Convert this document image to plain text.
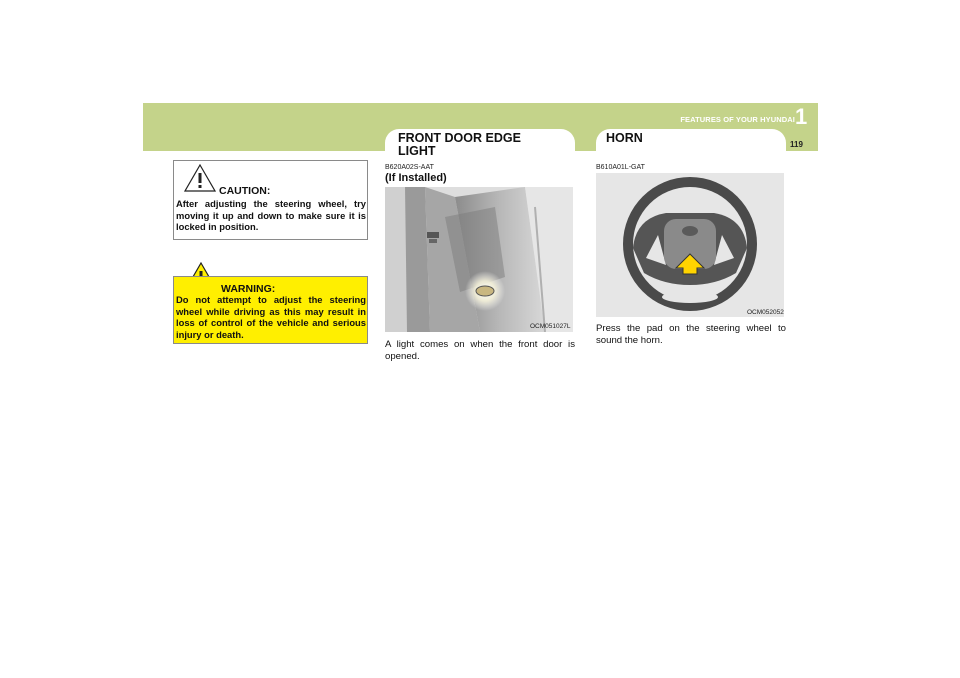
FEATURES OF YOUR HYUNDAI 1
119
CAUTION:
After adjusting the steering wheel, try moving it up and down to make sure it is locked in position.
WARNING:
Do not attempt to adjust the steering wheel while driving as this may result in loss of control of the vehicle and serious injury or death.
FRONT DOOR EDGE LIGHT
B620A02S-AAT
(If Installed)
OCM051027L
A light comes on when the front door is opened.
HORN
B610A01L-GAT
OCM052052
Press the pad on the steering wheel to sound the horn.
